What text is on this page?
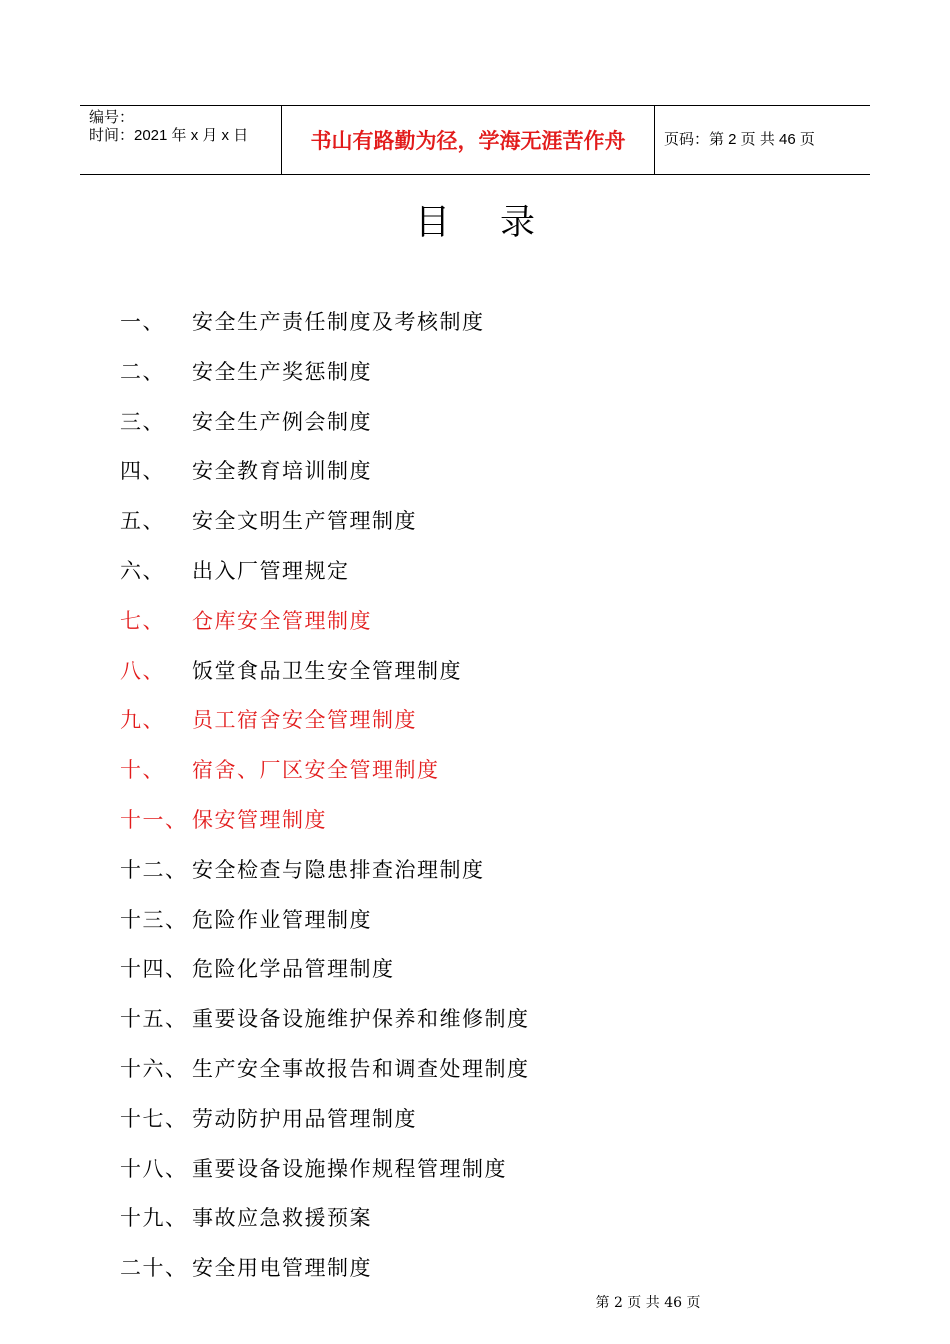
编号：
时间：2021 年 x 月 x 日	书山有路勤为径，学海无涯苦作舟	页码：第 2 页 共 46 页
目录
一、 安全生产责任制度及考核制度
二、 安全生产奖惩制度
三、 安全生产例会制度
四、 安全教育培训制度
五、 安全文明生产管理制度
六、 出入厂管理规定
七、 仓库安全管理制度
八、 饭堂食品卫生安全管理制度
九、 员工宿舍安全管理制度
十、 宿舍、厂区安全管理制度
十一、 保安管理制度
十二、 安全检查与隐患排查治理制度
十三、 危险作业管理制度
十四、 危险化学品管理制度
十五、 重要设备设施维护保养和维修制度
十六、 生产安全事故报告和调查处理制度
十七、 劳动防护用品管理制度
十八、 重要设备设施操作规程管理制度
十九、 事故应急救援预案
二十、 安全用电管理制度
第 2 页 共 46 页
